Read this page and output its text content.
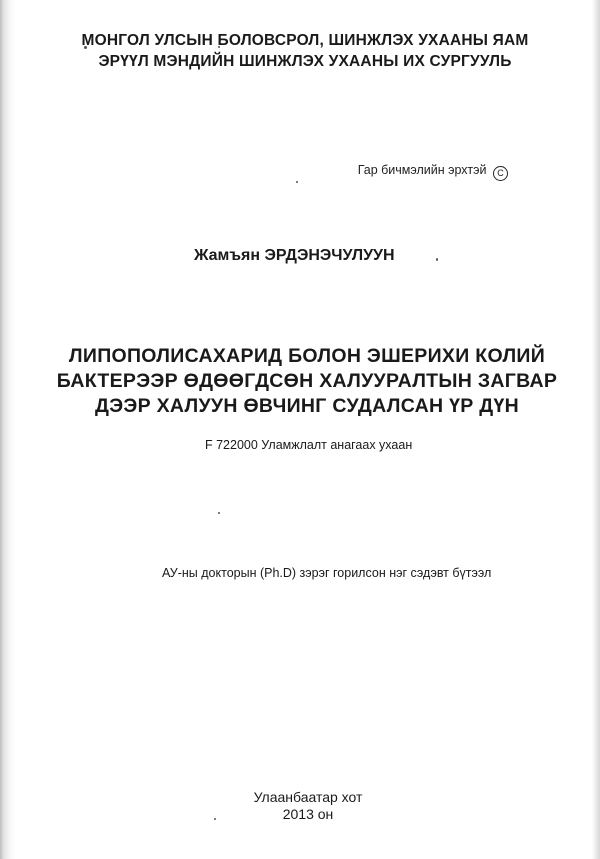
МОНГОЛ УЛСЫН БОЛОВСРОЛ, ШИНЖЛЭХ УХААНЫ ЯАМ
ЭРҮҮЛ МЭНДИЙН ШИНЖЛЭХ УХААНЫ ИХ СУРГУУЛЬ
Гар бичмэлийн эрхтэй C
Жамъян ЭРДЭНЭЧУЛУУН
ЛИПОПОЛИСАХАРИД БОЛОН ЭШЕРИХИ КОЛИЙ
БАКТЕРЭЭР ӨДӨӨГДСӨН ХАЛУУРАЛТЫН ЗАГВАР
ДЭЭР ХАЛУУН ӨВЧИНГ СУДАЛСАН ҮР ДҮН
F 722000 Уламжлалт анагаах ухаан
АУ-ны докторын (Ph.D) зэрэг горилсон нэг сэдэвт бүтээл
Улаанбаатар хот
2013 он
